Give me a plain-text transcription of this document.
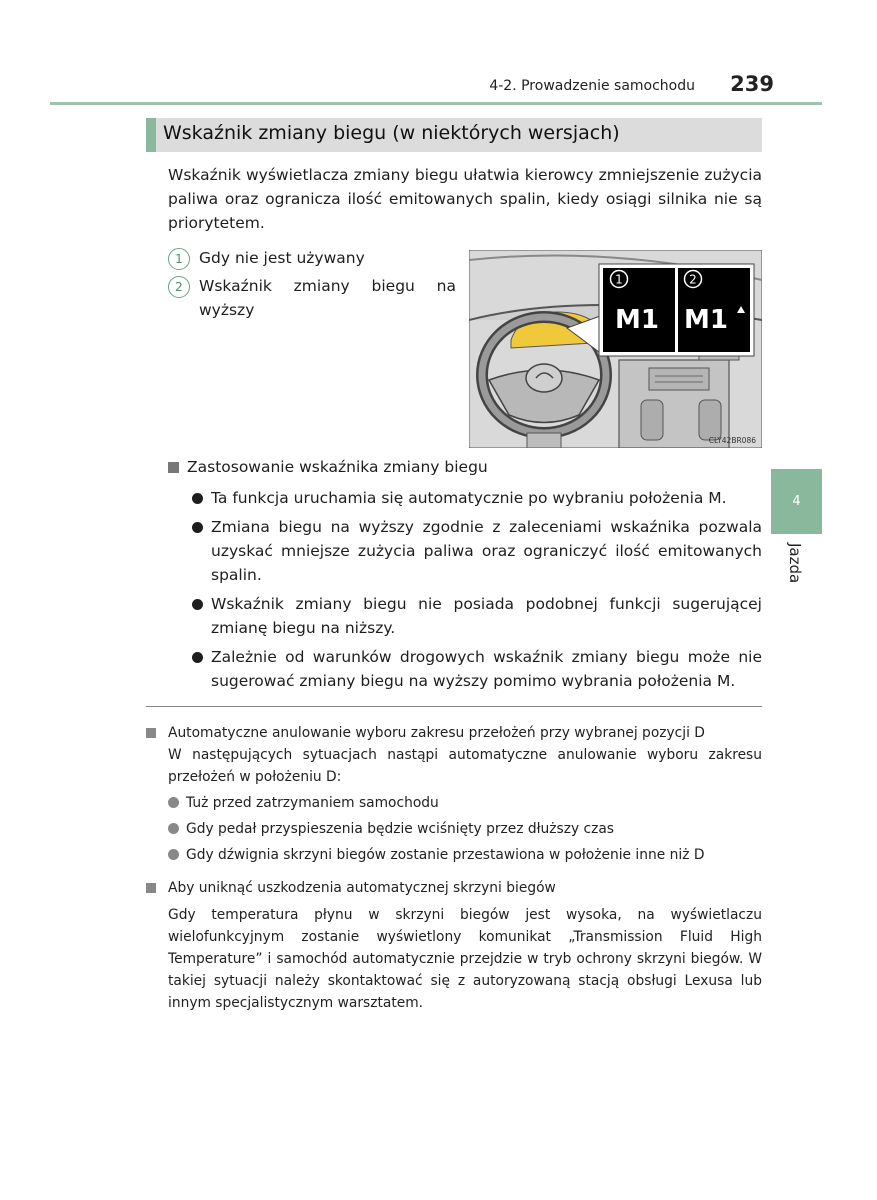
4-2. Prowadzenie samochodu	239
Wskaźnik zmiany biegu (w niektórych wersjach)
Wskaźnik wyświetlacza zmiany biegu ułatwia kierowcy zmniejszenie zużycia paliwa oraz ogranicza ilość emitowanych spalin, kiedy osiągi silnika nie są priorytetem.
1	Gdy nie jest używany
2	Wskaźnik zmiany biegu na wyższy
1	2
M1 M1
CLY42BR086
Zastosowanie wskaźnika zmiany biegu
Ta funkcja uruchamia się automatycznie po wybraniu położenia M.
Zmiana biegu na wyższy zgodnie z zaleceniami wskaźnika pozwala uzyskać mniejsze zużycia paliwa oraz ograniczyć ilość emitowanych spalin.
Wskaźnik zmiany biegu nie posiada podobnej funkcji sugerującej zmianę biegu na niższy.
Zależnie od warunków drogowych wskaźnik zmiany biegu może nie sugerować zmiany biegu na wyższy pomimo wybrania położenia M.
Automatyczne anulowanie wyboru zakresu przełożeń przy wybranej pozycji D
W następujących sytuacjach nastąpi automatyczne anulowanie wyboru zakresu przełożeń w położeniu D:
Tuż przed zatrzymaniem samochodu
Gdy pedał przyspieszenia będzie wciśnięty przez dłuższy czas
Gdy dźwignia skrzyni biegów zostanie przestawiona w położenie inne niż D
Aby uniknąć uszkodzenia automatycznej skrzyni biegów
Gdy temperatura płynu w skrzyni biegów jest wysoka, na wyświetlaczu wielofunkcyjnym zostanie wyświetlony komunikat „Transmission Fluid High Temperature” i samochód automatycznie przejdzie w tryb ochrony skrzyni biegów. W takiej sytuacji należy skontaktować się z autoryzowaną stacją obsługi Lexusa lub innym specjalistycznym warsztatem.
4
Jazda
